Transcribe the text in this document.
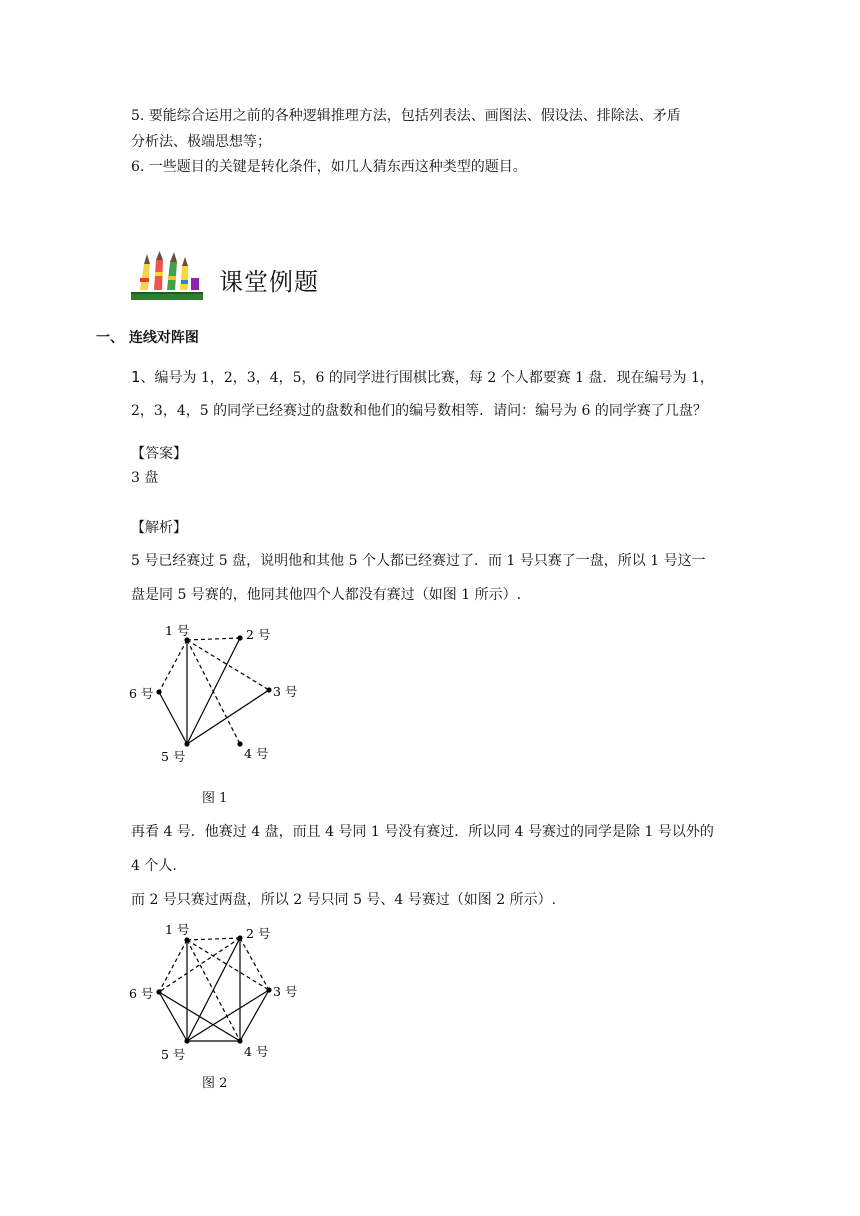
5. 要能综合运用之前的各种逻辑推理方法，包括列表法、画图法、假设法、排除法、矛盾
分析法、极端思想等；
6. 一些题目的关键是转化条件，如几人猜东西这种类型的题目。
课堂例题
一、 连线对阵图
1、编号为 1，2，3，4，5，6 的同学进行围棋比赛，每 2 个人都要赛 1 盘．现在编号为 1，
2，3，4，5 的同学已经赛过的盘数和他们的编号数相等．请问：编号为 6 的同学赛了几盘？
【答案】
3 盘
【解析】
5 号已经赛过 5 盘，说明他和其他 5 个人都已经赛过了．而 1 号只赛了一盘，所以 1 号这一
盘是同 5 号赛的，他同其他四个人都没有赛过（如图 1 所示）.
1 号	2 号
3 号
4 号
5 号
6 号
图 1
再看 4 号．他赛过 4 盘，而且 4 号同 1 号没有赛过．所以同 4 号赛过的同学是除 1 号以外的
4 个人.
而 2 号只赛过两盘，所以 2 号只同 5 号、4 号赛过（如图 2 所示）.
1 号	2 号
3 号
4 号
5 号
6 号
图 2
